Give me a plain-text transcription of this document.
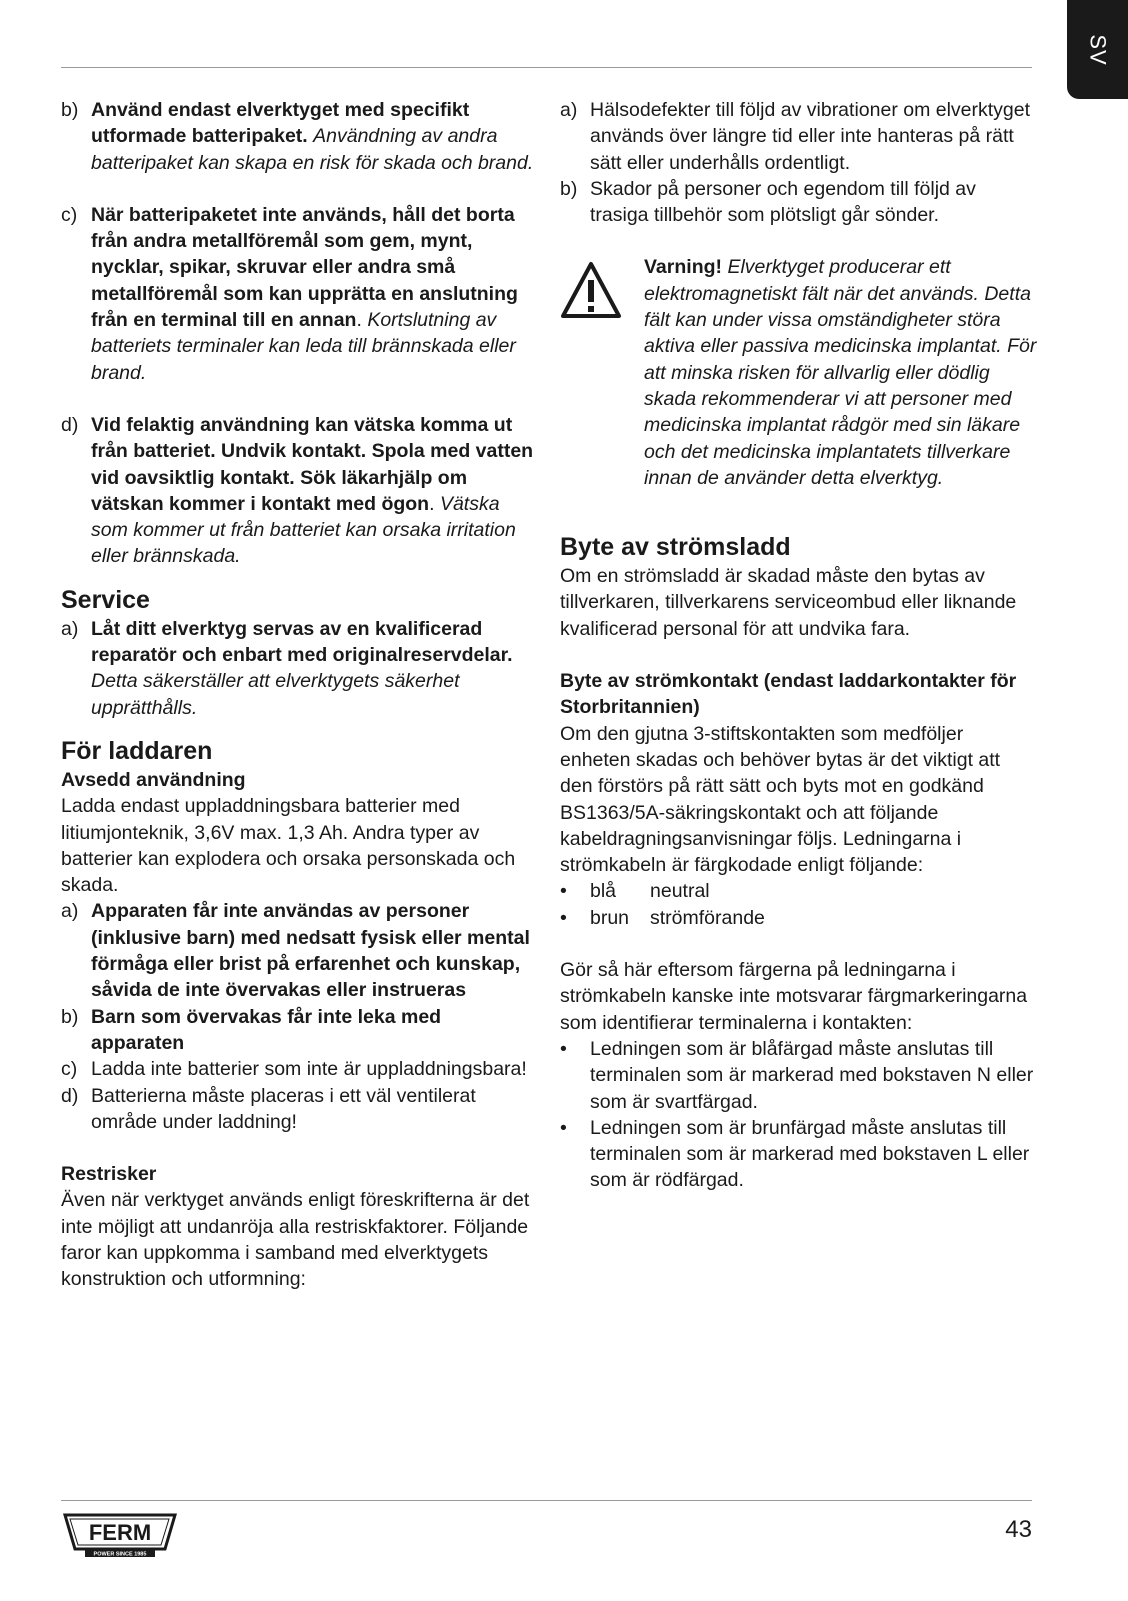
SV
b) Använd endast elverktyget med specifikt utformade batteripaket. Användning av andra batteripaket kan skapa en risk för skada och brand.
c) När batteripaketet inte används, håll det borta från andra metallföremål som gem, mynt, nycklar, spikar, skruvar eller andra små metallföremål som kan upprätta en anslutning från en terminal till en annan. Kortslutning av batteriets terminaler kan leda till brännskada eller brand.
d) Vid felaktig användning kan vätska komma ut från batteriet. Undvik kontakt. Spola med vatten vid oavsiktlig kontakt. Sök läkarhjälp om vätskan kommer i kontakt med ögon. Vätska som kommer ut från batteriet kan orsaka irritation eller brännskada.
Service
a) Låt ditt elverktyg servas av en kvalificerad reparatör och enbart med originalreservdelar. Detta säkerställer att elverktygets säkerhet upprätthålls.
För laddaren
Avsedd användning

Ladda endast uppladdningsbara batterier med litiumjonteknik, 3,6V max. 1,3 Ah. Andra typer av batterier kan explodera och orsaka personskada och skada.

a) Apparaten får inte användas av personer (inklusive barn) med nedsatt fysisk eller mental förmåga eller brist på erfarenhet och kunskap, såvida de inte övervakas eller instrueras
b) Barn som övervakas får inte leka med apparaten
c) Ladda inte batterier som inte är uppladdningsbara!
d) Batterierna måste placeras i ett väl ventilerat område under laddning!
Restrisker

Även när verktyget används enligt föreskrifterna är det inte möjligt att undanröja alla restriskfaktorer. Följande faror kan uppkomma i samband med elverktygets konstruktion och utformning:

a) Hälsodefekter till följd av vibrationer om elverktyget används över längre tid eller inte hanteras på rätt sätt eller underhålls ordentligt.
b) Skador på personer och egendom till följd av trasiga tillbehör som plötsligt går sönder.
Varning! Elverktyget producerar ett elektromagnetiskt fält när det används. Detta fält kan under vissa omständigheter störa aktiva eller passiva medicinska implantat. För att minska risken för allvarlig eller dödlig skada rekommenderar vi att personer med medicinska implantat rådgör med sin läkare och det medicinska implantatets tillverkare innan de använder detta elverktyg.
Byte av strömsladd

Om en strömsladd är skadad måste den bytas av tillverkaren, tillverkarens serviceombud eller liknande kvalificerad personal för att undvika fara.

Byte av strömkontakt (endast laddarkontakter för Storbritannien)

Om den gjutna 3-stiftskontakten som medföljer enheten skadas och behöver bytas är det viktigt att den förstörs på rätt sätt och byts mot en godkänd BS1363/5A-säkringskontakt och att följande kabeldragningsanvisningar följs. Ledningarna i strömkabeln är färgkodade enligt följande:

•	blå	neutral
•	brun	strömförande

Gör så här eftersom färgerna på ledningarna i strömkabeln kanske inte motsvarar färgmarkeringarna som identifierar terminalerna i kontakten:

•	Ledningen som är blåfärgad måste anslutas till terminalen som är markerad med bokstaven N eller som är svartfärgad.
•	Ledningen som är brunfärgad måste anslutas till terminalen som är markerad med bokstaven L eller som är rödfärgad.
FERM
POWER SINCE 1985
43
